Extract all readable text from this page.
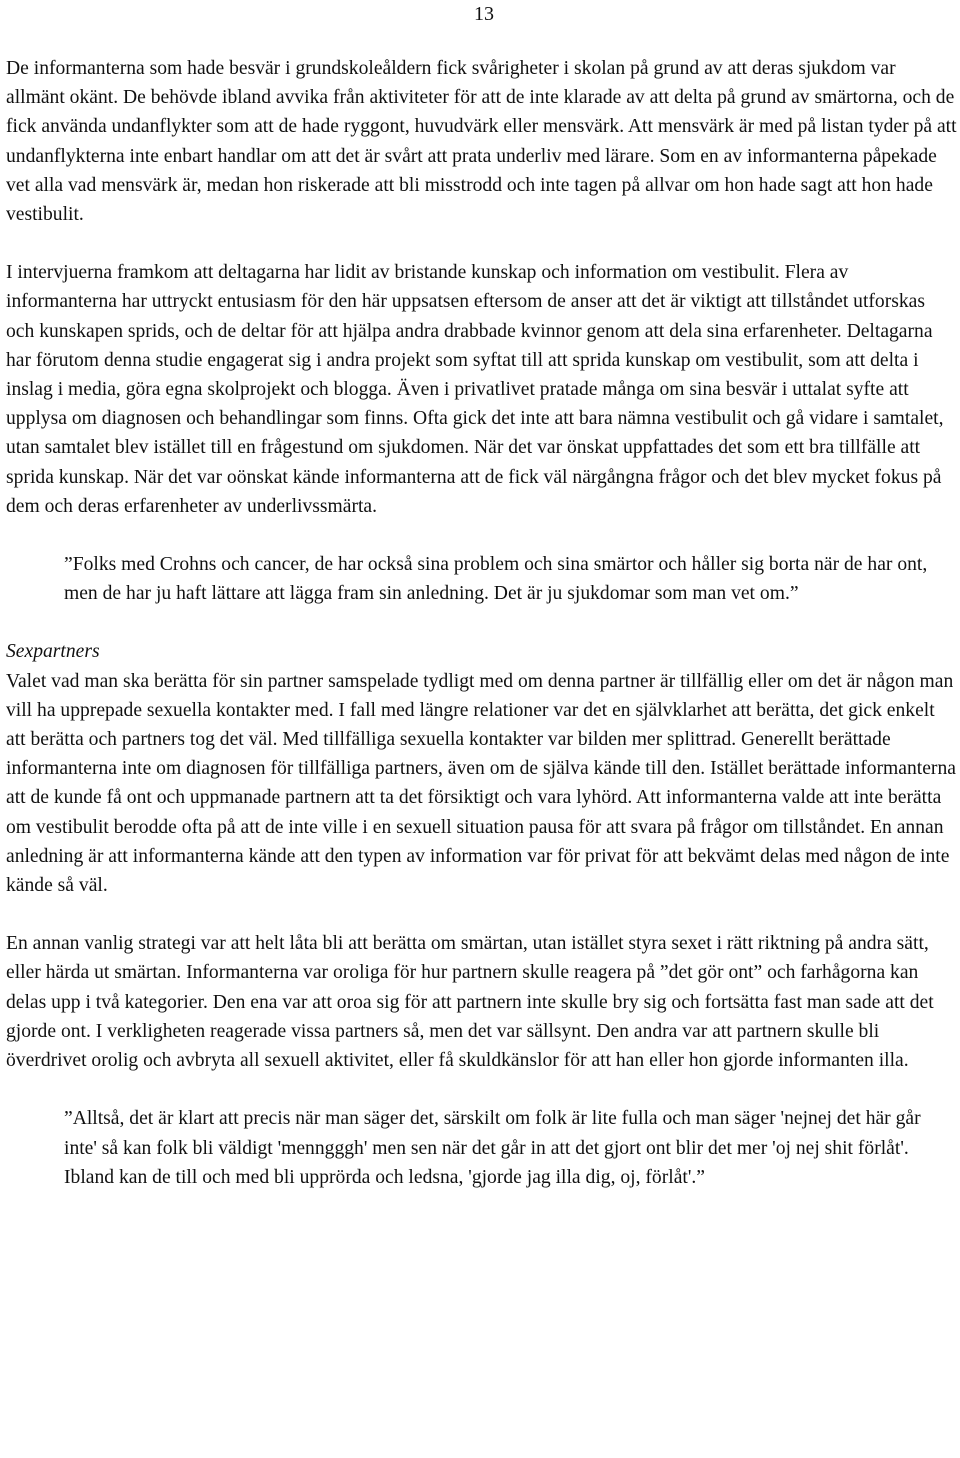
13

De informanterna som hade besvär i grundskoleåldern fick svårigheter i skolan på grund av att deras sjukdom var allmänt okänt. De behövde ibland avvika från aktiviteter för att de inte klarade av att delta på grund av smärtorna, och de fick använda undanflykter som att de hade ryggont, huvudvärk eller mensvärk. Att mensvärk är med på listan tyder på att undanflykterna inte enbart handlar om att det är svårt att prata underliv med lärare. Som en av informanterna påpekade vet alla vad mensvärk är, medan hon riskerade att bli misstrodd och inte tagen på allvar om hon hade sagt att hon hade vestibulit.

I intervjuerna framkom att deltagarna har lidit av bristande kunskap och information om vestibulit. Flera av informanterna har uttryckt entusiasm för den här uppsatsen eftersom de anser att det är viktigt att tillståndet utforskas och kunskapen sprids, och de deltar för att hjälpa andra drabbade kvinnor genom att dela sina erfarenheter. Deltagarna har förutom denna studie engagerat sig i andra projekt som syftat till att sprida kunskap om vestibulit, som att delta i inslag i media, göra egna skolprojekt och blogga. Även i privatlivet pratade många om sina besvär i uttalat syfte att upplysa om diagnosen och behandlingar som finns. Ofta gick det inte att bara nämna vestibulit och gå vidare i samtalet, utan samtalet blev istället till en frågestund om sjukdomen. När det var önskat uppfattades det som ett bra tillfälle att sprida kunskap. När det var oönskat kände informanterna att de fick väl närgångna frågor och det blev mycket fokus på dem och deras erfarenheter av underlivssmärta.

”Folks med Crohns och cancer, de har också sina problem och sina smärtor och håller sig borta när de har ont, men de har ju haft lättare att lägga fram sin anledning. Det är ju sjukdomar som man vet om.”

Sexpartners

Valet vad man ska berätta för sin partner samspelade tydligt med om denna partner är tillfällig eller om det är någon man vill ha upprepade sexuella kontakter med. I fall med längre relationer var det en självklarhet att berätta, det gick enkelt att berätta och partners tog det väl. Med tillfälliga sexuella kontakter var bilden mer splittrad. Generellt berättade informanterna inte om diagnosen för tillfälliga partners, även om de själva kände till den. Istället berättade informanterna att de kunde få ont och uppmanade partnern att ta det försiktigt och vara lyhörd. Att informanterna valde att inte berätta om vestibulit berodde ofta på att de inte ville i en sexuell situation pausa för att svara på frågor om tillståndet. En annan anledning är att informanterna kände att den typen av information var för privat för att bekvämt delas med någon de inte kände så väl.

En annan vanlig strategi var att helt låta bli att berätta om smärtan, utan istället styra sexet i rätt riktning på andra sätt, eller härda ut smärtan. Informanterna var oroliga för hur partnern skulle reagera på ”det gör ont” och farhågorna kan delas upp i två kategorier. Den ena var att oroa sig för att partnern inte skulle bry sig och fortsätta fast man sade att det gjorde ont. I verkligheten reagerade vissa partners så, men det var sällsynt. Den andra var att partnern skulle bli överdrivet orolig och avbryta all sexuell aktivitet, eller få skuldkänslor för att han eller hon gjorde informanten illa.

”Alltså, det är klart att precis när man säger det, särskilt om folk är lite fulla och man säger 'nejnej det här går inte' så kan folk bli väldigt 'menngggh' men sen när det går in att det gjort ont blir det mer 'oj nej shit förlåt'. Ibland kan de till och med bli upprörda och ledsna, 'gjorde jag illa dig, oj, förlåt'.”
